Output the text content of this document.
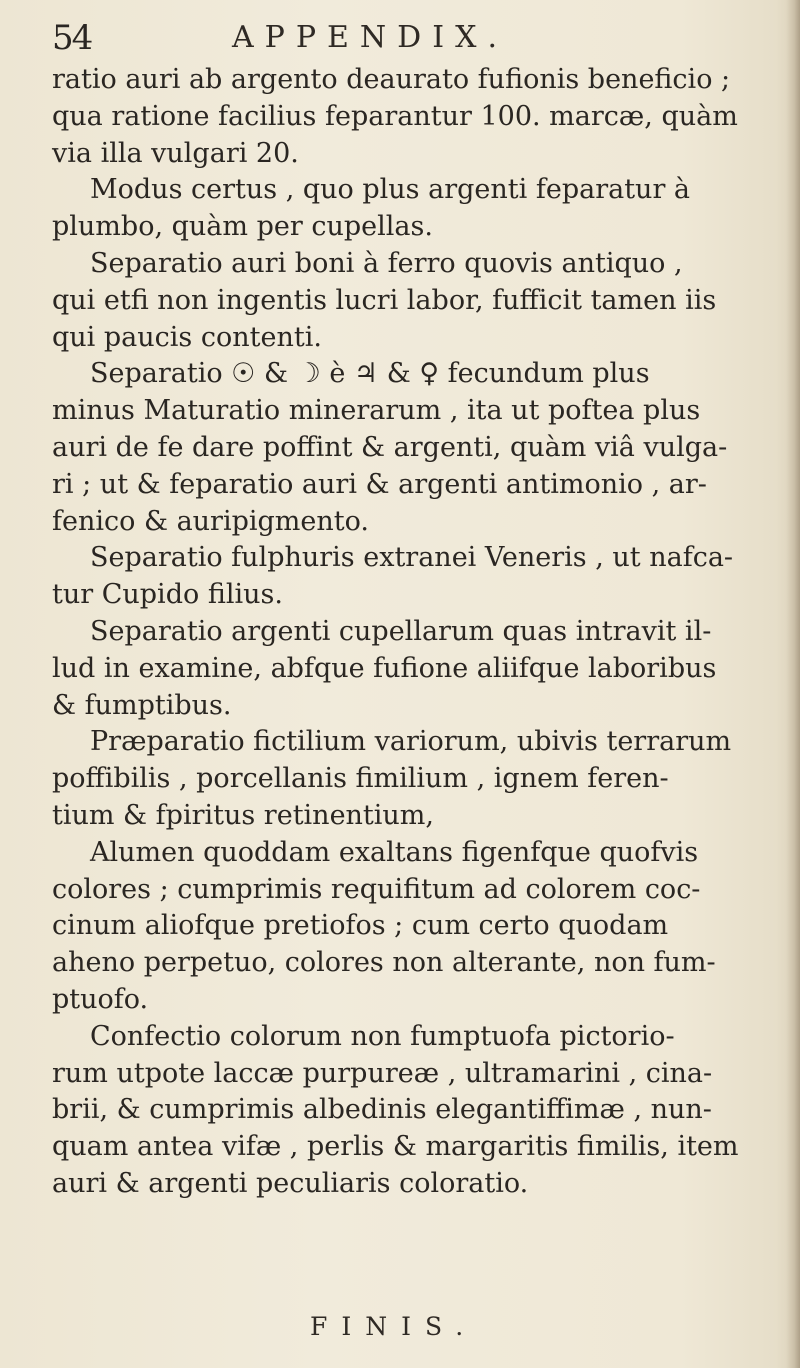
54	APPENDIX.
ratio auri ab argento deaurato fufionis beneficio ;
qua ratione facilius feparantur 100. marcæ, quàm
via illa vulgari 20.
Modus certus , quo plus argenti feparatur à
plumbo, quàm per cupellas.
Separatio auri boni à ferro quovis antiquo ,
qui etfi non ingentis lucri labor, fufficit tamen iis
qui paucis contenti.
Separatio ☉ & ☽ è ♃ & ♀ fecundum plus
minus Maturatio minerarum , ita ut poftea plus
auri de fe dare poffint & argenti, quàm viâ vulga-
ri ; ut & feparatio auri & argenti antimonio , ar-
fenico & auripigmento.
Separatio fulphuris extranei Veneris , ut nafca-
tur Cupido filius.
Separatio argenti cupellarum quas intravit il-
lud in examine, abfque fufione aliifque laboribus
& fumptibus.
Præparatio fictilium variorum, ubivis terrarum
poffibilis , porcellanis fimilium , ignem feren-
tium & fpiritus retinentium,
Alumen quoddam exaltans figenfque quofvis
colores ; cumprimis requifitum ad colorem coc-
cinum aliofque pretiofos ; cum certo quodam
aheno perpetuo, colores non alterante, non fum-
ptuofo.
Confectio colorum non fumptuofa pictorio-
rum utpote laccæ purpureæ , ultramarini , cina-
brii, & cumprimis albedinis elegantiffimæ , nun-
quam antea vifæ , perlis & margaritis fimilis, item
auri & argenti peculiaris coloratio.
FINIS.
